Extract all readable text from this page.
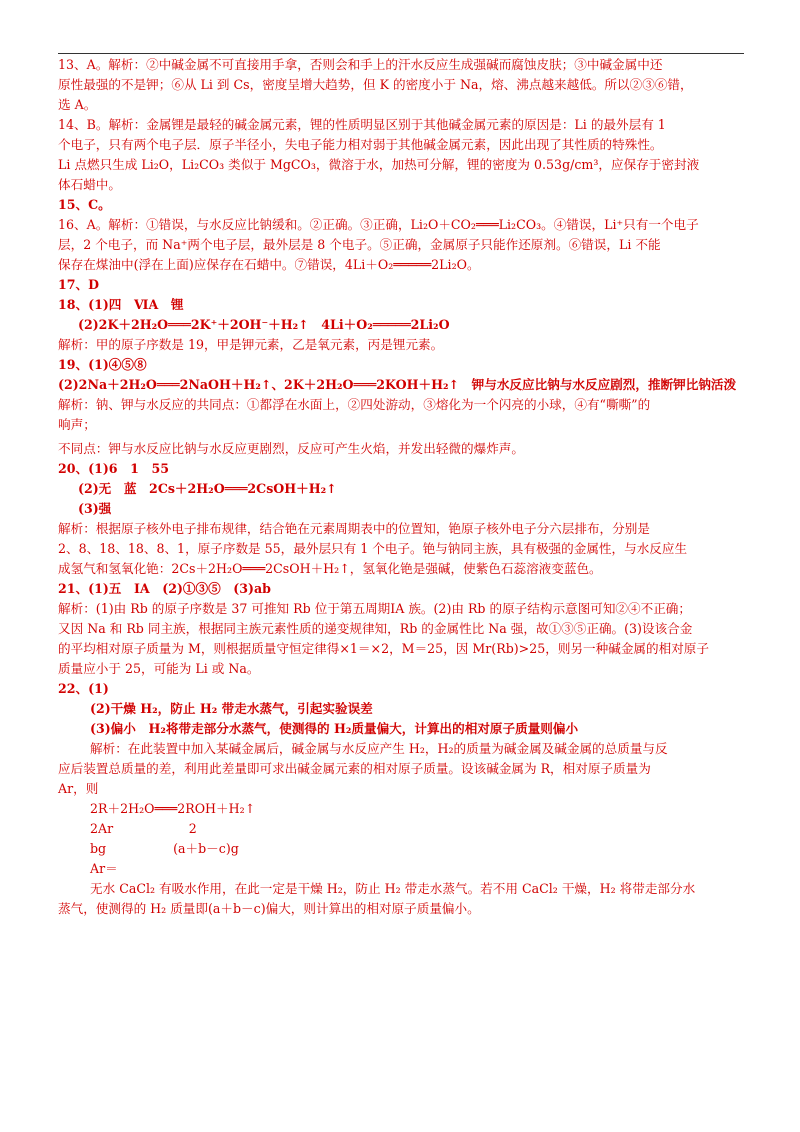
13、A。解析：②中碱金属不可直接用手拿，否则会和手上的汗水反应生成强碱而腐蚀皮肤；③中碱金属中还

原性最强的不是钾；⑥从 Li 到 Cs，密度呈增大趋势，但 K 的密度小于 Na，熔、沸点越来越低。所以②③⑥错，

选 A。

14、B。解析：金属锂是最轻的碱金属元素，锂的性质明显区别于其他碱金属元素的原因是：Li 的最外层有 1

个电子，只有两个电子层．原子半径小，失电子能力相对弱于其他碱金属元素，因此出现了其性质的特殊性。

Li 点燃只生成 Li₂O，Li₂CO₃ 类似于 MgCO₃，微溶于水，加热可分解，锂的密度为 0.53g/cm³，应保存于密封液

体石蜡中。

15、C。

16、A。解析：①错误，与水反应比钠缓和。②正确。③正确，Li₂O＋CO₂═══Li₂CO₃。④错误，Li⁺只有一个电子

层，2 个电子，而 Na⁺两个电子层，最外层是 8 个电子。⑤正确，金属原子只能作还原剂。⑥错误，Li 不能

保存在煤油中(浮在上面)应保存在石蜡中。⑦错误，4Li＋O₂═════2Li₂O。

17、D

18、(1)四　ⅥA　锂

(2)2K＋2H₂O═══2K⁺＋2OH⁻＋H₂↑　4Li＋O₂═════2Li₂O

解析：甲的原子序数是 19，甲是钾元素，乙是氧元素，丙是锂元素。

19、(1)④⑤⑧

(2)2Na＋2H₂O═══2NaOH＋H₂↑、2K＋2H₂O═══2KOH＋H₂↑　钾与水反应比钠与水反应剧烈，推断钾比钠活泼

解析：钠、钾与水反应的共同点：①都浮在水面上，②四处游动，③熔化为一个闪亮的小球，④有“嘶嘶”的

响声；

不同点：钾与水反应比钠与水反应更剧烈，反应可产生火焰，并发出轻微的爆炸声。

20、(1)6　1　55

(2)无　蓝　2Cs＋2H₂O═══2CsOH＋H₂↑

(3)强

解析：根据原子核外电子排布规律，结合铯在元素周期表中的位置知，铯原子核外电子分六层排布，分别是

2、8、18、18、8、1，原子序数是 55，最外层只有 1 个电子。铯与钠同主族，具有极强的金属性，与水反应生

成氢气和氢氧化铯：2Cs＋2H₂O═══2CsOH＋H₂↑，氢氧化铯是强碱，使紫色石蕊溶液变蓝色。

21、(1)五　ⅠA　(2)①③⑤　(3)ab

解析：(1)由 Rb 的原子序数是 37 可推知 Rb 位于第五周期ⅠA 族。(2)由 Rb 的原子结构示意图可知②④不正确；

又因 Na 和 Rb 同主族，根据同主族元素性质的递变规律知，Rb 的金属性比 Na 强，故①③⑤正确。(3)设该合金

的平均相对原子质量为 M，则根据质量守恒定律得×1＝×2，M＝25，因 Mr(Rb)>25，则另一种碱金属的相对原子

质量应小于 25，可能为 Li 或 Na。

22、(1)

(2)干燥 H₂，防止 H₂ 带走水蒸气，引起实验误差

(3)偏小　H₂将带走部分水蒸气，使测得的 H₂质量偏大，计算出的相对原子质量则偏小

解析：在此装置中加入某碱金属后，碱金属与水反应产生 H₂，H₂的质量为碱金属及碱金属的总质量与反

应后装置总质量的差，利用此差量即可求出碱金属元素的相对原子质量。设该碱金属为 R，相对原子质量为

Ar，则

2R＋2H₂O═══2ROH＋H₂↑

2Ar　　　　　　2

bg　　　　　 (a＋b－c)g

Ar＝

无水 CaCl₂ 有吸水作用，在此一定是干燥 H₂，防止 H₂ 带走水蒸气。若不用 CaCl₂ 干燥，H₂ 将带走部分水

蒸气，使测得的 H₂ 质量即(a＋b－c)偏大，则计算出的相对原子质量偏小。
